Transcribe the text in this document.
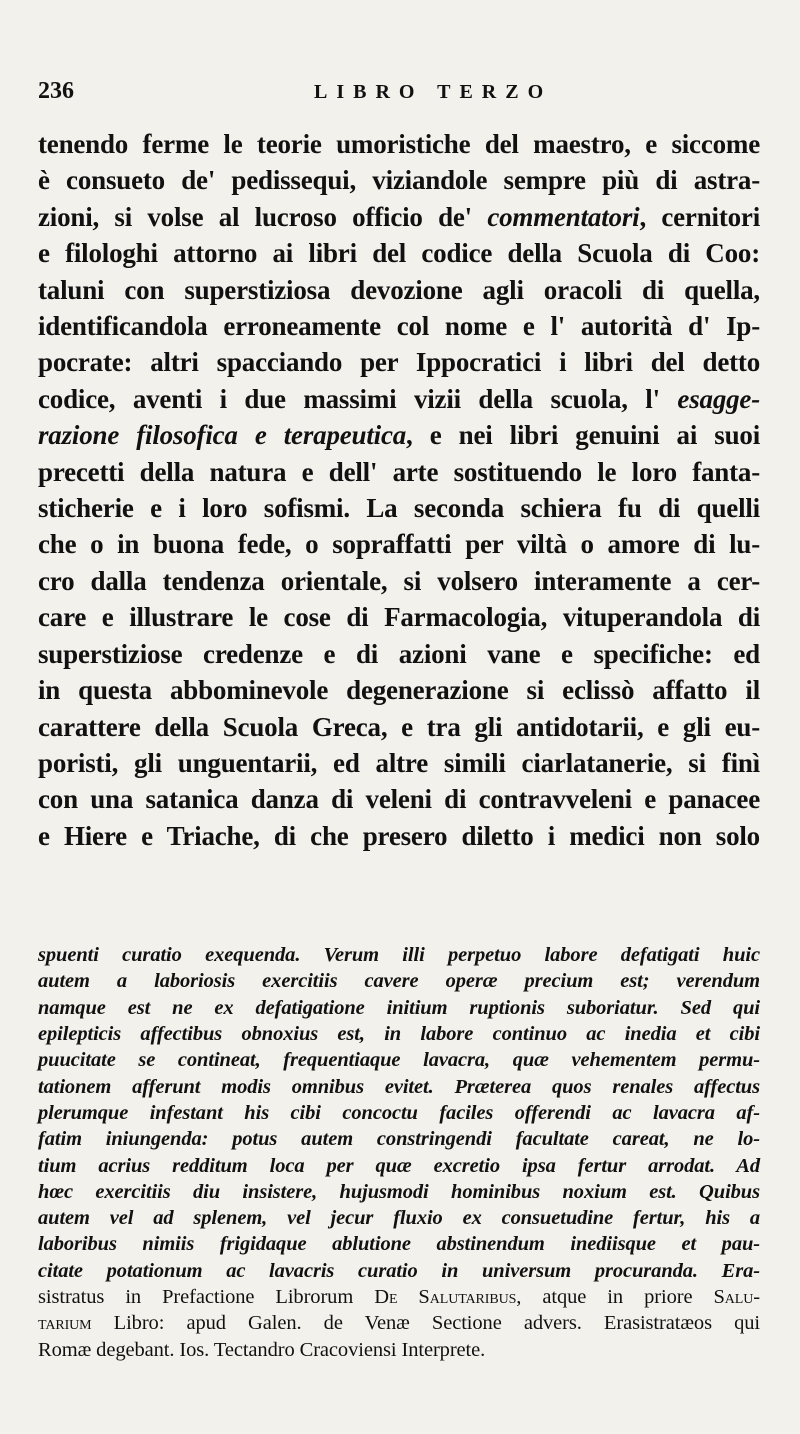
236	LIBRO TERZO
tenendo ferme le teorie umoristiche del maestro, e siccome
è consueto de' pedissequi, viziandole sempre più di astra-
zioni, si volse al lucroso officio de' commentatori, cernitori
e filologhi attorno ai libri del codice della Scuola di Coo:
taluni con superstiziosa devozione agli oracoli di quella,
identificandola erroneamente col nome e l' autorità d' Ip-
pocrate: altri spacciando per Ippocratici i libri del detto
codice, aventi i due massimi vizii della scuola, l' esagge-
razione filosofica e terapeutica, e nei libri genuini ai suoi
precetti della natura e dell' arte sostituendo le loro fanta-
sticherie e i loro sofismi. La seconda schiera fu di quelli
che o in buona fede, o sopraffatti per viltà o amore di lu-
cro dalla tendenza orientale, si volsero interamente a cer-
care e illustrare le cose di Farmacologia, vituperandola di
superstiziose credenze e di azioni vane e specifiche: ed
in questa abbominevole degenerazione si eclissò affatto il
carattere della Scuola Greca, e tra gli antidotarii, e gli eu-
poristi, gli unguentarii, ed altre simili ciarlatanerie, si finì
con una satanica danza di veleni di contravveleni e panacee
e Hiere e Triache, di che presero diletto i medici non solo
spuenti curatio exequenda. Verum illi perpetuo labore defatigati huic
autem a laboriosis exercitiis cavere operæ precium est; verendum
namque est ne ex defatigatione initium ruptionis suboriatur. Sed qui
epilepticis affectibus obnoxius est, in labore continuo ac inedia et cibi
puucitate se contineat, frequentiaque lavacra, quæ vehementem permu-
tationem afferunt modis omnibus evitet. Præterea quos renales affectus
plerumque infestant his cibi concoctu faciles offerendi ac lavacra af-
fatim iniungenda: potus autem constringendi facultate careat, ne lo-
tium acrius redditum loca per quæ excretio ipsa fertur arrodat. Ad
hœc exercitiis diu insistere, hujusmodi hominibus noxium est. Quibus
autem vel ad splenem, vel jecur fluxio ex consuetudine fertur, his a
laboribus nimiis frigidaque ablutione abstinendum inediisque et pau-
citate potationum ac lavacris curatio in universum procuranda. Era-
sistratus in Prefactione Librorum De Salutaribus, atque in priore Salu-
tarium Libro: apud Galen. de Venæ Sectione advers. Erasistratæos qui
Romæ degebant. Ios. Tectandro Cracoviensi Interprete.
